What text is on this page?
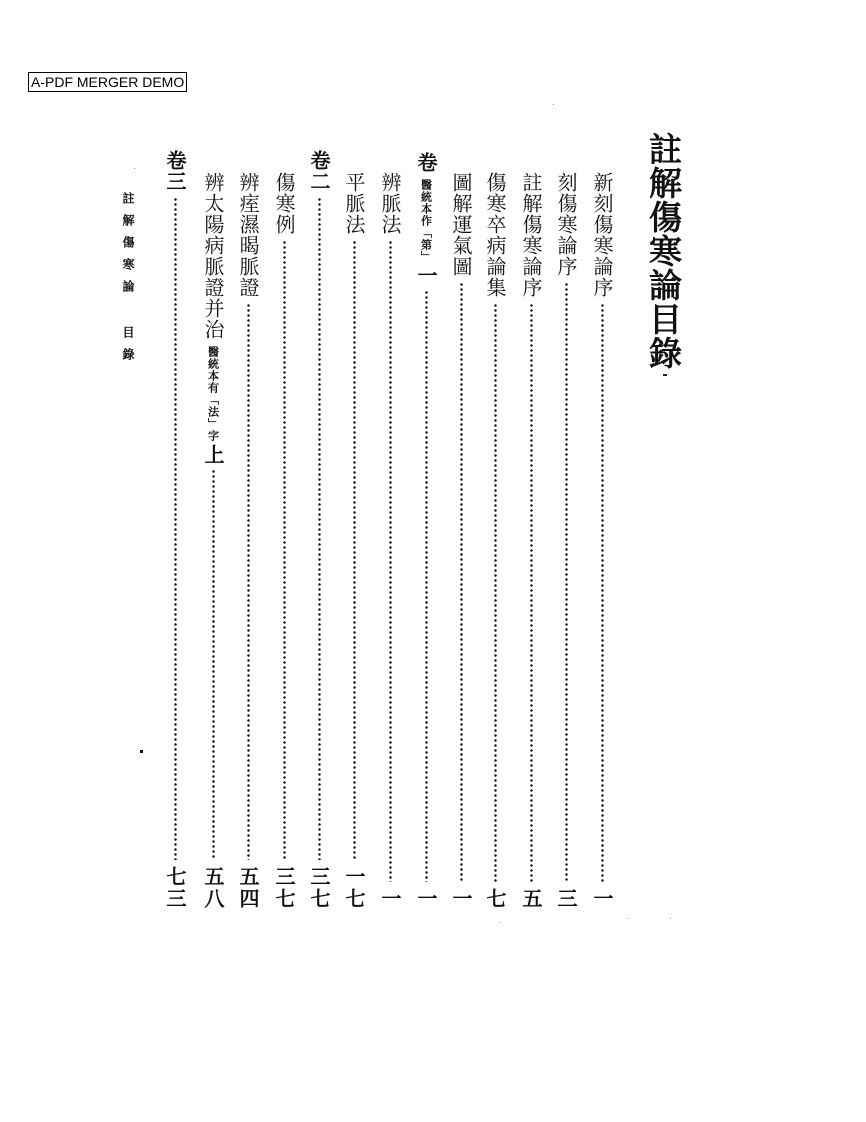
A-PDF MERGER DEMO
註解傷寒論目錄
新刻傷寒論序
一
刻傷寒論序
三
註解傷寒論序
五
傷寒卒病論集
七
圖解運氣圖
一
卷
醫統本作「第」
一
一
辨脈法
一
平脈法
一七
卷二
三七
傷寒例
三七
辨痓濕暍脈證
五四
辨太陽病脈證并治
醫統本有「法」字
上
五八
卷三
七三
註解傷寒論目錄
